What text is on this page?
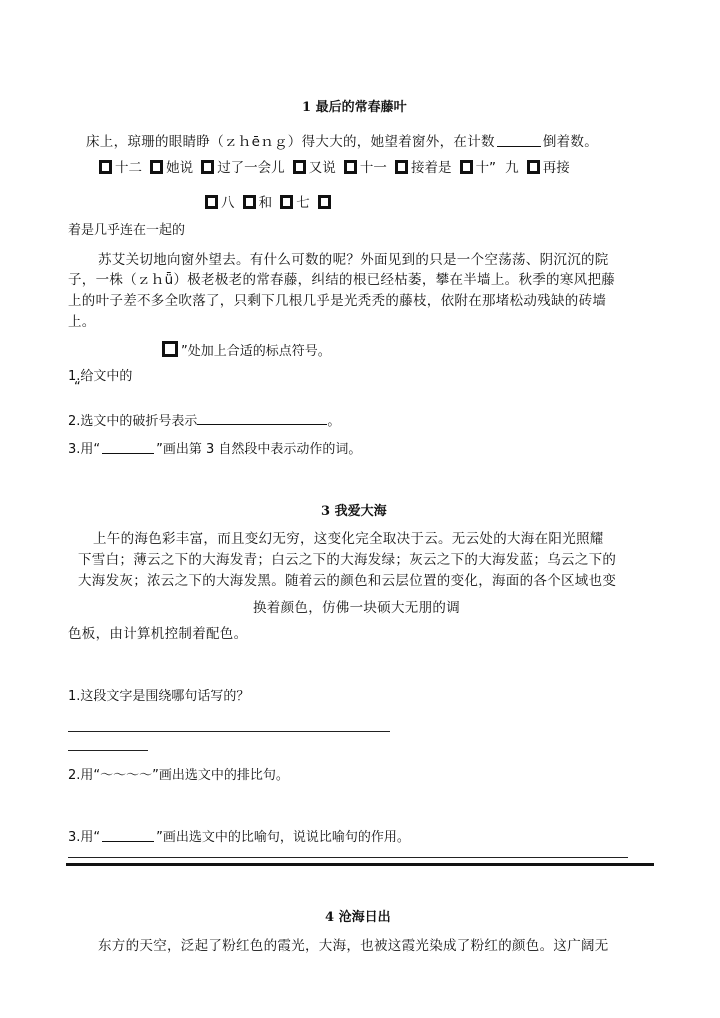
1 最后的常春藤叶
床上，琼珊的眼睛睁（ｚｈēｎｇ）得大大的，她望着窗外，在计数	倒着数。
十二 她说 过了一会儿 又说 十一 接着是 十” 九 再接
八 和 七
着是几乎连在一起的
苏艾关切地向窗外望去。有什么可数的呢？外面见到的只是一个空荡荡、阴沉沉的院
子，一株（ｚｈǖ）极老极老的常春藤，纠结的根已经枯萎，攀在半墙上。秋季的寒风把藤
上的叶子差不多全吹落了，只剩下几根几乎是光秃秃的藤枝，依附在那堵松动残缺的砖墙
上。
”处加上合适的标点符号。
1.给文中的
“
2.选文中的破折号表示	。
3.用“	”画出第 3 自然段中表示动作的词。
3 我爱大海
上午的海色彩丰富，而且变幻无穷，这变化完全取决于云。无云处的大海在阳光照耀
下雪白；薄云之下的大海发青；白云之下的大海发绿；灰云之下的大海发蓝；乌云之下的
大海发灰；浓云之下的大海发黑。随着云的颜色和云层位置的变化，海面的各个区域也变
换着颜色，仿佛一块硕大无朋的调
色板，由计算机控制着配色。
1.这段文字是围绕哪句话写的？
2.用“～～～～”画出选文中的排比句。
3.用“	”画出选文中的比喻句，说说比喻句的作用。
4 沧海日出
东方的天空，泛起了粉红色的霞光，大海，也被这霞光染成了粉红的颜色。这广阔无
